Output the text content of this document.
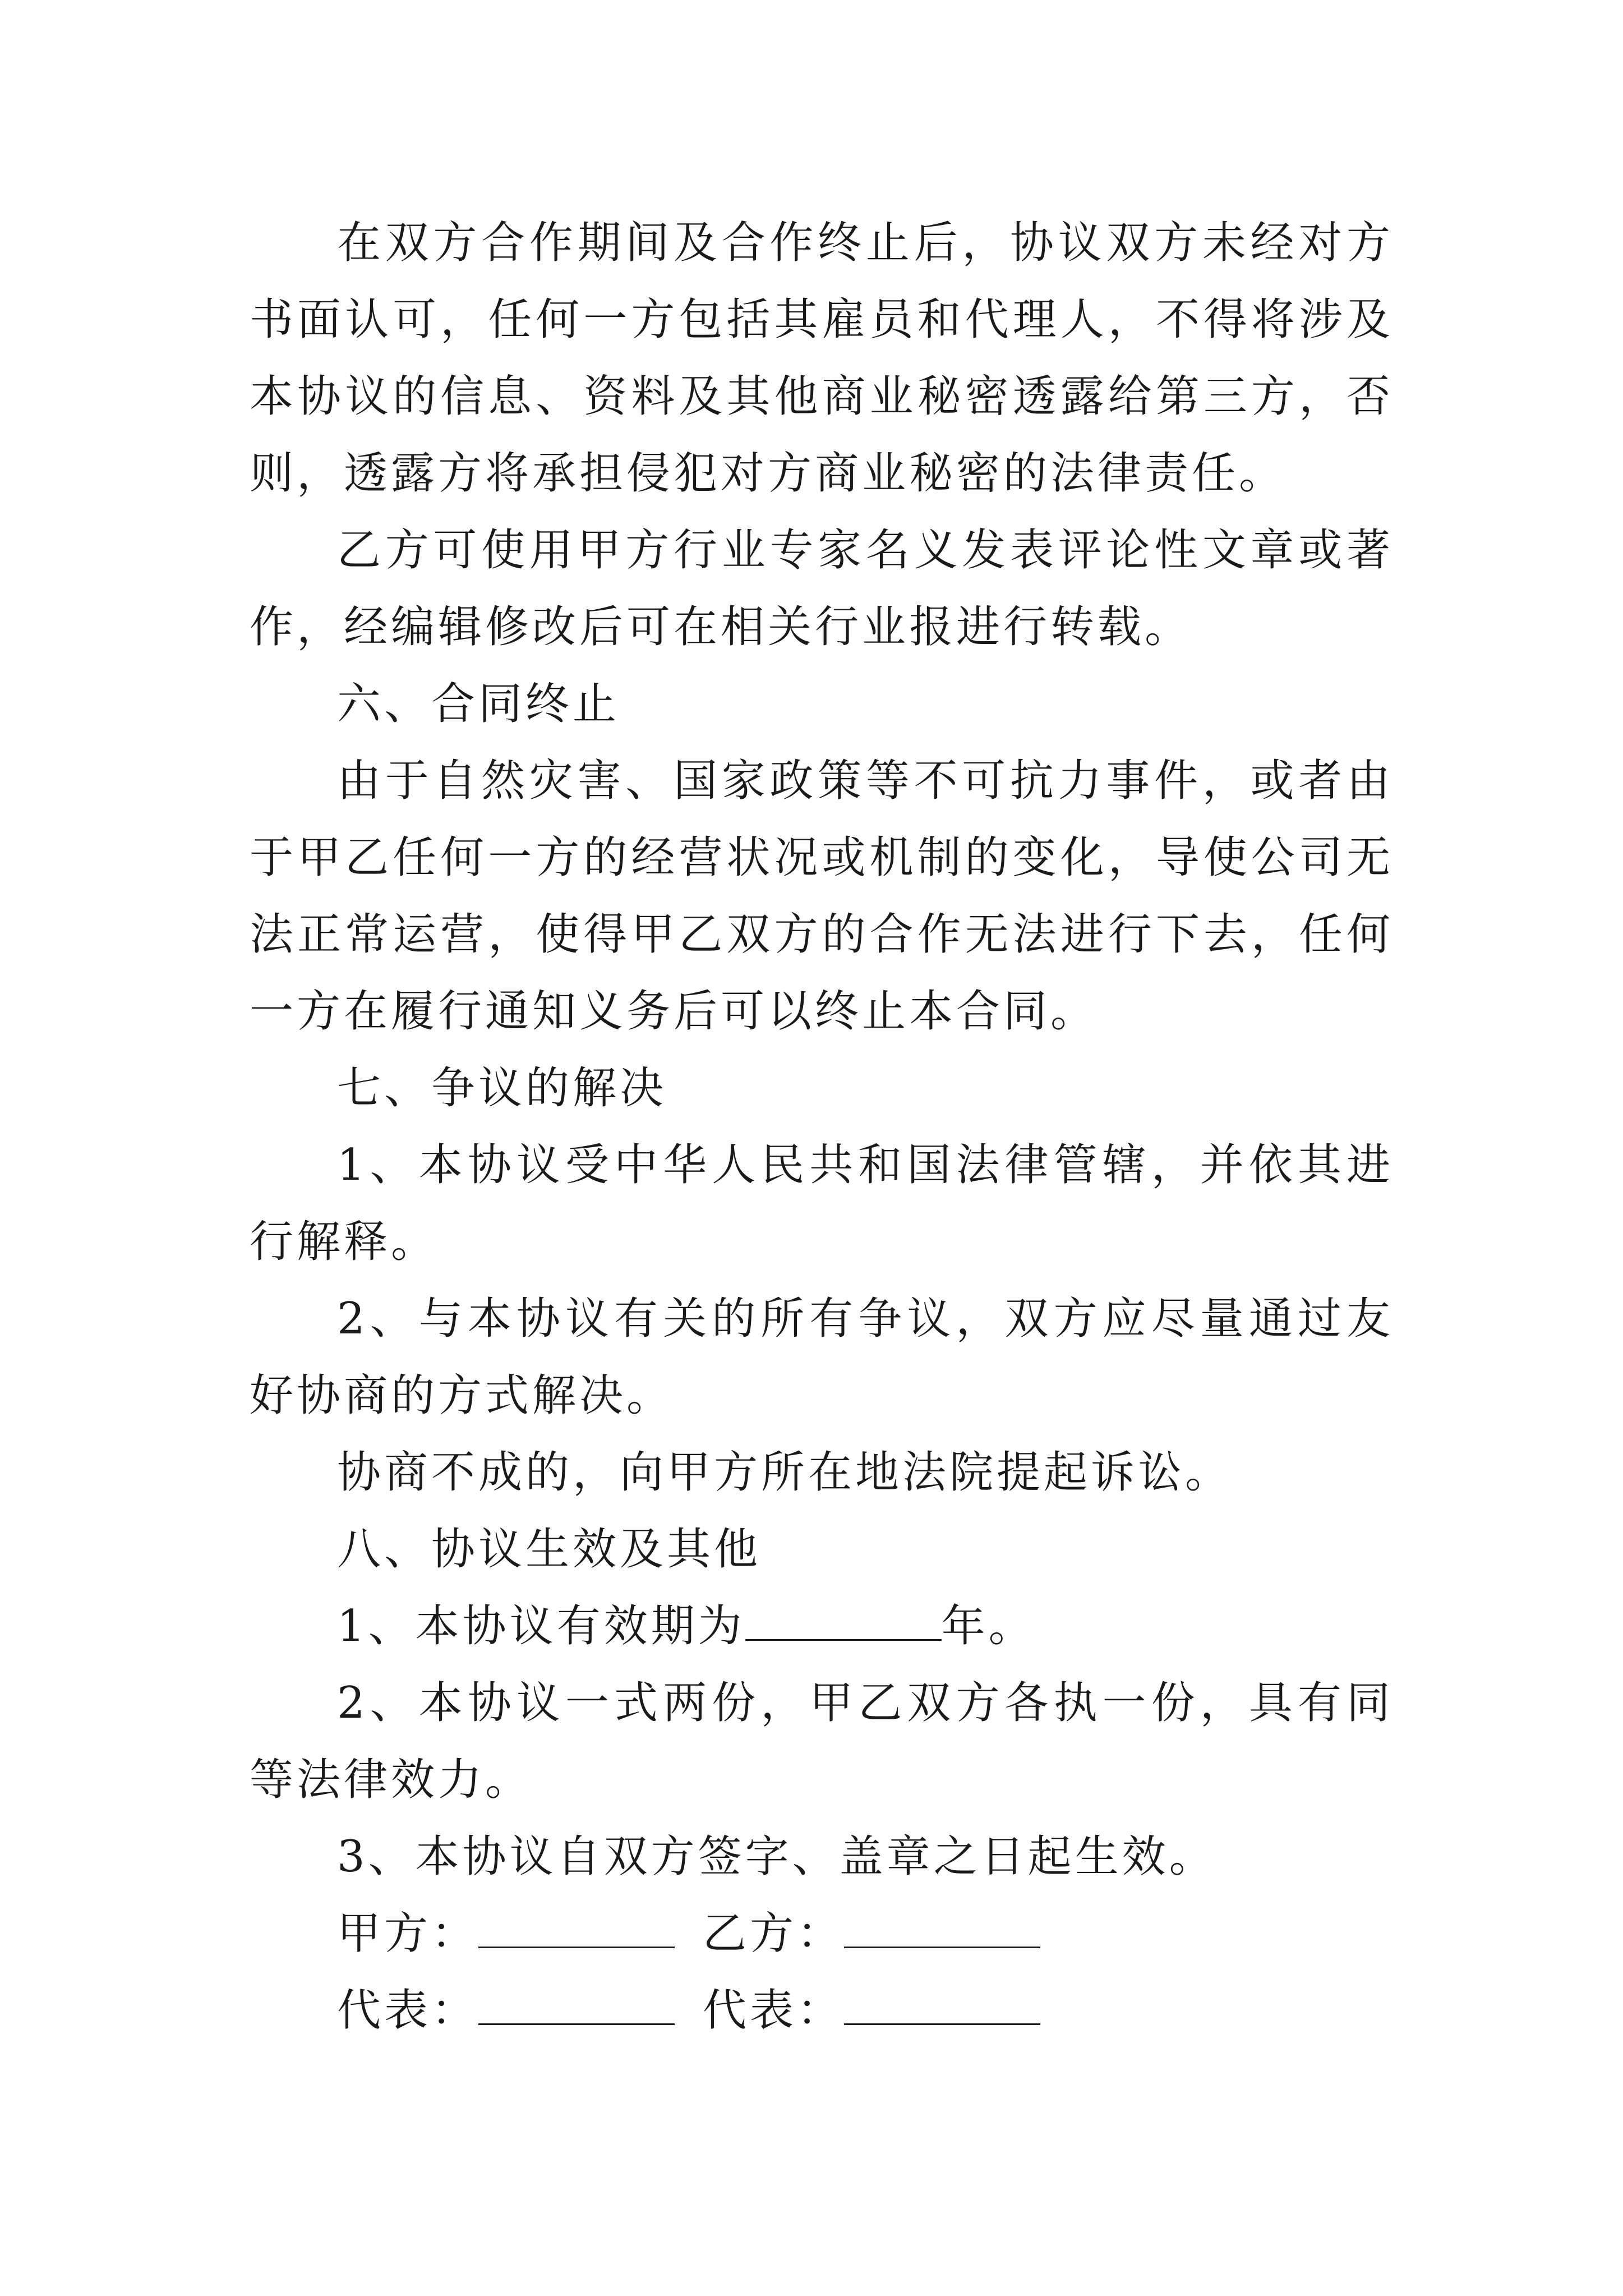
在双方合作期间及合作终止后，协议双方未经对方书面认可，任何一方包括其雇员和代理人，不得将涉及本协议的信息、资料及其他商业秘密透露给第三方，否则，透露方将承担侵犯对方商业秘密的法律责任。

乙方可使用甲方行业专家名义发表评论性文章或著作，经编辑修改后可在相关行业报进行转载。

六、合同终止

由于自然灾害、国家政策等不可抗力事件，或者由于甲乙任何一方的经营状况或机制的变化，导使公司无法正常运营，使得甲乙双方的合作无法进行下去，任何一方在履行通知义务后可以终止本合同。

七、争议的解决

1、本协议受中华人民共和国法律管辖，并依其进行解释。

2、与本协议有关的所有争议，双方应尽量通过友好协商的方式解决。

协商不成的，向甲方所在地法院提起诉讼。

八、协议生效及其他

1、本协议有效期为	年。

2、本协议一式两份，甲乙双方各执一份，具有同等法律效力。

3、本协议自双方签字、盖章之日起生效。

甲方：	乙方：

代表：	代表：
